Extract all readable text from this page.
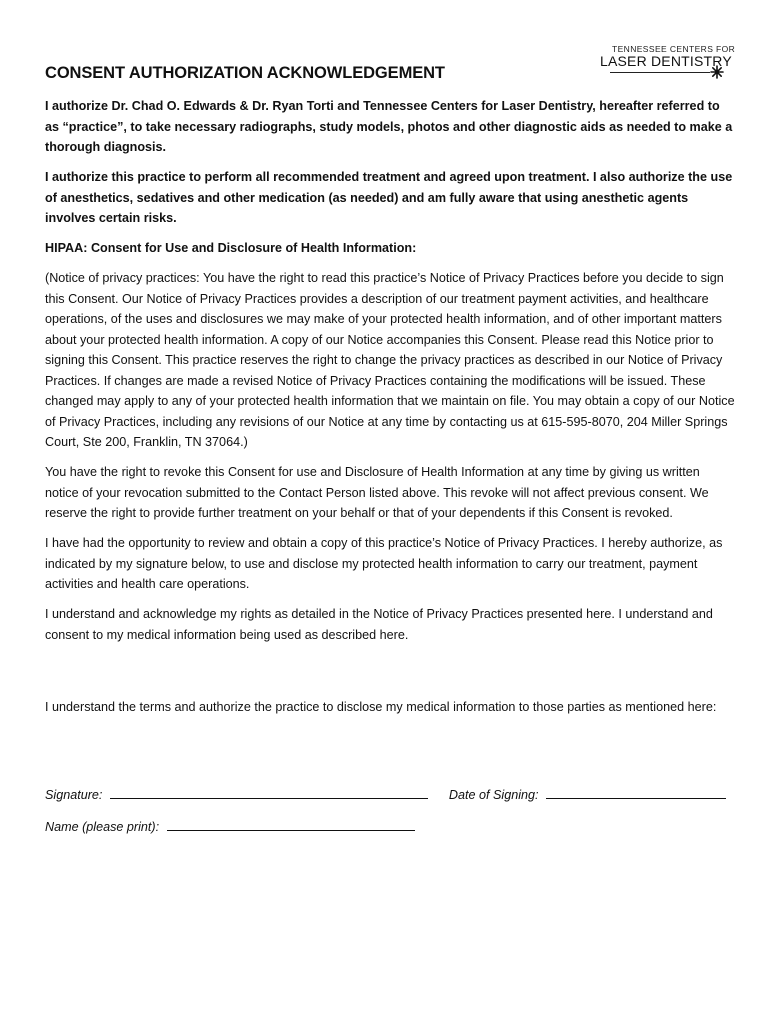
TENNESSEE CENTERS FOR
LASER DENTISTRY
CONSENT AUTHORIZATION ACKNOWLEDGEMENT

I authorize Dr. Chad O. Edwards & Dr. Ryan Torti and Tennessee Centers for Laser Dentistry, hereafter referred to as “practice”, to take necessary radiographs, study models, photos and other diagnostic aids as needed to make a thorough diagnosis.

I authorize this practice to perform all recommended treatment and agreed upon treatment. I also authorize the use of anesthetics, sedatives and other medication (as needed) and am fully aware that using anesthetic agents involves certain risks.

HIPAA: Consent for Use and Disclosure of Health Information:

(Notice of privacy practices: You have the right to read this practice’s Notice of Privacy Practices before you decide to sign this Consent. Our Notice of Privacy Practices provides a description of our treatment payment activities, and healthcare operations, of the uses and disclosures we may make of your protected health information, and of other important matters about your protected health information. A copy of our Notice accompanies this Consent. Please read this Notice prior to signing this Consent. This practice reserves the right to change the privacy practices as described in our Notice of Privacy Practices. If changes are made a revised Notice of Privacy Practices containing the modifications will be issued. These changed may apply to any of your protected health information that we maintain on file. You may obtain a copy of our Notice of Privacy Practices, including any revisions of our Notice at any time by contacting us at 615-595-8070, 204 Miller Springs Court, Ste 200, Franklin, TN 37064.)

You have the right to revoke this Consent for use and Disclosure of Health Information at any time by giving us written notice of your revocation submitted to the Contact Person listed above. This revoke will not affect previous consent. We reserve the right to provide further treatment on your behalf or that of your dependents if this Consent is revoked.

I have had the opportunity to review and obtain a copy of this practice’s Notice of Privacy Practices. I hereby authorize, as indicated by my signature below, to use and disclose my protected health information to carry our treatment, payment activities and health care operations.

I understand and acknowledge my rights as detailed in the Notice of Privacy Practices presented here. I understand and consent to my medical information being used as described here.

I understand the terms and authorize the practice to disclose my medical information to those parties as mentioned here:

Signature:	Date of Signing:
Name (please print):
